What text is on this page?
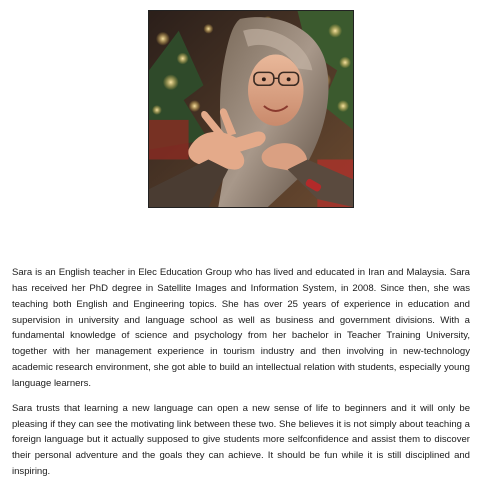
Sara is an English teacher in Elec Education Group who has lived and educated in Iran and Malaysia. Sara has received her PhD degree in Satellite Images and Information System, in 2008. Since then, she was teaching both English and Engineering topics. She has over 25 years of experience in education and supervision in university and language school as well as business and government divisions. With a fundamental knowledge of science and psychology from her bachelor in Teacher Training University, together with her management experience in tourism industry and then involving in new-technology academic research environment, she got able to build an intellectual relation with students, especially young language learners.

Sara trusts that learning a new language can open a new sense of life to beginners and it will only be pleasing if they can see the motivating link between these two. She believes it is not simply about teaching a foreign language but it actually supposed to give students more selfconfidence and assist them to discover their personal adventure and the goals they can achieve. It should be fun while it is still disciplined and inspiring.
